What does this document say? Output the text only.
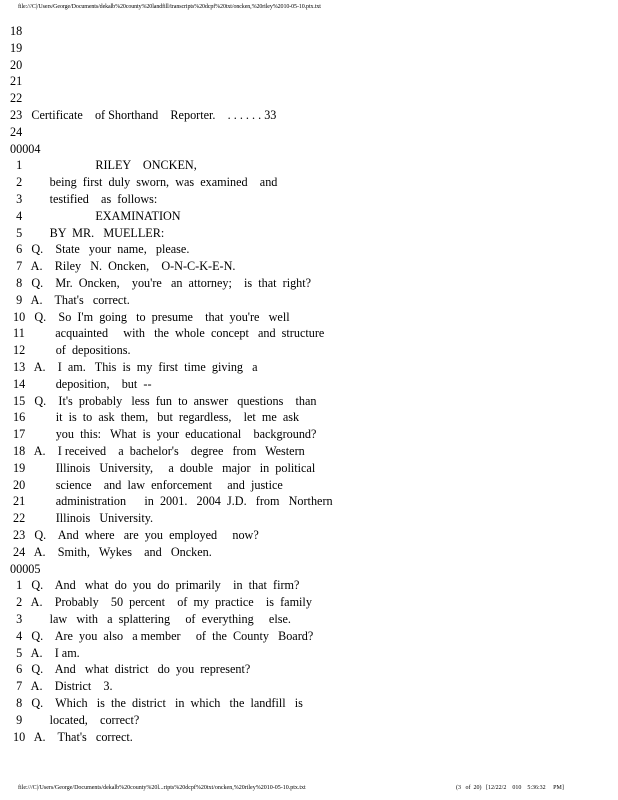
file:///C|/Users/George/Documents/dekalb%20county%20landfill/transcripts%20dcpf%20txt/oncken,%20riley%2010-05-10.ptx.txt
18
19
20
21
22
23   Certificate    of Shorthand    Reporter.    . . . . . . 33
24
00004
1                        RILEY    ONCKEN,
2         being  first  duly  sworn,  was  examined    and
3         testified    as  follows:
4                        EXAMINATION
5         BY  MR.   MUELLER:
6   Q.    State   your  name,   please.
7   A.    Riley   N.  Oncken,    O-N-C-K-E-N.
8   Q.    Mr.  Oncken,    you're   an  attorney;    is  that  right?
9   A.    That's   correct.
10   Q.    So  I'm  going   to  presume    that  you're   well
11          acquainted     with   the  whole  concept   and  structure
12          of  depositions.
13   A.    I  am.   This  is  my  first  time  giving   a
14          deposition,    but  --
15   Q.    It's  probably   less  fun  to  answer   questions    than
16          it  is  to  ask  them,   but  regardless,    let  me  ask
17          you  this:   What  is  your  educational    background?
18   A.    I received    a  bachelor's    degree   from   Western
19          Illinois   University,     a  double   major   in  political
20          science    and  law  enforcement     and  justice
21          administration      in  2001.   2004  J.D.   from   Northern
22          Illinois   University.
23   Q.    And  where   are  you  employed     now?
24   A.    Smith,   Wykes    and   Oncken.
00005
1   Q.    And   what  do  you  do  primarily    in  that  firm?
2   A.    Probably    50  percent    of  my  practice    is  family
3         law   with   a  splattering     of  everything     else.
4   Q.    Are  you  also   a member     of  the  County   Board?
5   A.    I am.
6   Q.    And   what  district   do  you  represent?
7   A.    District    3.
8   Q.    Which   is  the  district   in  which   the  landfill   is
9         located,    correct?
10   A.    That's   correct.
file:///C|/Users/George/Documents/dekalb%20county%20l...ripts%20dcpf%20txt/oncken,%20riley%2010-05-10.ptx.txt	(3   of  20)   [12/22/2    010    5:36:32     PM]
